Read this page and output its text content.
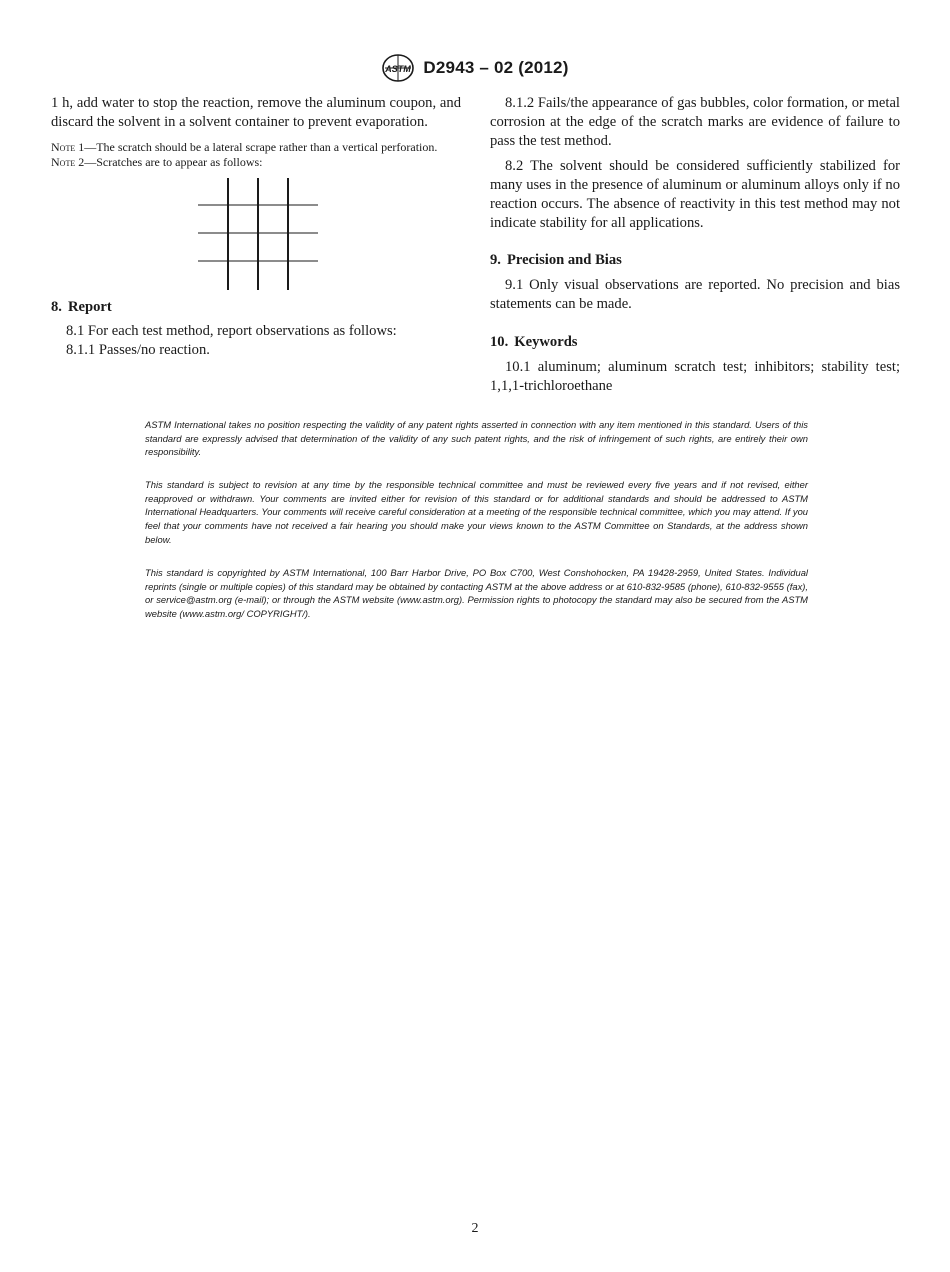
ASTM D2943 – 02 (2012)

1 h, add water to stop the reaction, remove the aluminum coupon, and discard the solvent in a solvent container to prevent evaporation.

Note 1—The scratch should be a lateral scrape rather than a vertical perforation.

Note 2—Scratches are to appear as follows:

8. Report

8.1 For each test method, report observations as follows:

8.1.1 Passes/no reaction.

8.1.2 Fails/the appearance of gas bubbles, color formation, or metal corrosion at the edge of the scratch marks are evidence of failure to pass the test method.

8.2 The solvent should be considered sufficiently stabilized for many uses in the presence of aluminum or aluminum alloys only if no reaction occurs. The absence of reactivity in this test method may not indicate stability for all applications.

9. Precision and Bias

9.1 Only visual observations are reported. No precision and bias statements can be made.

10. Keywords

10.1 aluminum; aluminum scratch test; inhibitors; stability test; 1,1,1-trichloroethane

ASTM International takes no position respecting the validity of any patent rights asserted in connection with any item mentioned in this standard. Users of this standard are expressly advised that determination of the validity of any such patent rights, and the risk of infringement of such rights, are entirely their own responsibility.

This standard is subject to revision at any time by the responsible technical committee and must be reviewed every five years and if not revised, either reapproved or withdrawn. Your comments are invited either for revision of this standard or for additional standards and should be addressed to ASTM International Headquarters. Your comments will receive careful consideration at a meeting of the responsible technical committee, which you may attend. If you feel that your comments have not received a fair hearing you should make your views known to the ASTM Committee on Standards, at the address shown below.

This standard is copyrighted by ASTM International, 100 Barr Harbor Drive, PO Box C700, West Conshohocken, PA 19428-2959, United States. Individual reprints (single or multiple copies) of this standard may be obtained by contacting ASTM at the above address or at 610-832-9585 (phone), 610-832-9555 (fax), or service@astm.org (e-mail); or through the ASTM website (www.astm.org). Permission rights to photocopy the standard may also be secured from the ASTM website (www.astm.org/ COPYRIGHT/).

2
